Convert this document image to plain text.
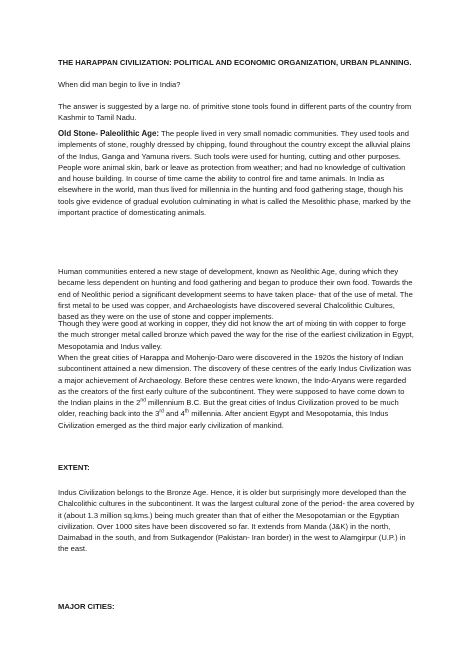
THE HARAPPAN CIVILIZATION: POLITICAL AND ECONOMIC ORGANIZATION, URBAN PLANNING.
When did man begin to live in India?
The answer is suggested by a large no. of primitive stone tools found in different parts of the country from Kashmir to Tamil Nadu.
Old Stone- Paleolithic Age: The people lived in very small nomadic communities. They used tools and implements of stone, roughly dressed by chipping, found throughout the country except the alluvial plains of the Indus, Ganga and Yamuna rivers. Such tools were used for hunting, cutting and other purposes. People wore animal skin, bark or leave as protection from weather; and had no knowledge of cultivation and house building. In course of time came the ability to control fire and tame animals. In India as elsewhere in the world, man thus lived for millennia in the hunting and food gathering stage, though his tools give evidence of gradual evolution culminating in what is called the Mesolithic phase, marked by the important practice of domesticating animals.
Human communities entered a new stage of development, known as Neolithic Age, during which they became less dependent on hunting and food gathering and began to produce their own food. Towards the end of Neolithic period a significant development seems to have taken place- that of the use of metal. The first metal to be used was copper, and Archaeologists have discovered several Chalcolithic Cultures, based as they were on the use of stone and copper implements.
Though they were good at working in copper, they did not know the art of mixing tin with copper to forge the much stronger metal called bronze which paved the way for the rise of the earliest civilization in Egypt, Mesopotamia and Indus valley.
When the great cities of Harappa and Mohenjo-Daro were discovered in the 1920s the history of Indian subcontinent attained a new dimension. The discovery of these centres of the early Indus Civilization was a major achievement of Archaeology. Before these centres were known, the Indo-Aryans were regarded as the creators of the first early culture of the subcontinent. They were supposed to have come down to the Indian plains in the 2nd millennium B.C. But the great cities of Indus Civilization proved to be much older, reaching back into the 3rd and 4th millennia. After ancient Egypt and Mesopotamia, this Indus Civilization emerged as the third major early civilization of mankind.
EXTENT:
Indus Civilization belongs to the Bronze Age. Hence, it is older but surprisingly more developed than the Chalcolithic cultures in the subcontinent. It was the largest cultural zone of the period- the area covered by it (about 1.3 million sq.kms.) being much greater than that of either the Mesopotamian or the Egyptian civilization. Over 1000 sites have been discovered so far. It extends from Manda (J&K) in the north, Daimabad in the south, and from Sutkagendor (Pakistan- Iran border) in the west to Alamgirpur (U.P.) in the east.
MAJOR CITIES:
